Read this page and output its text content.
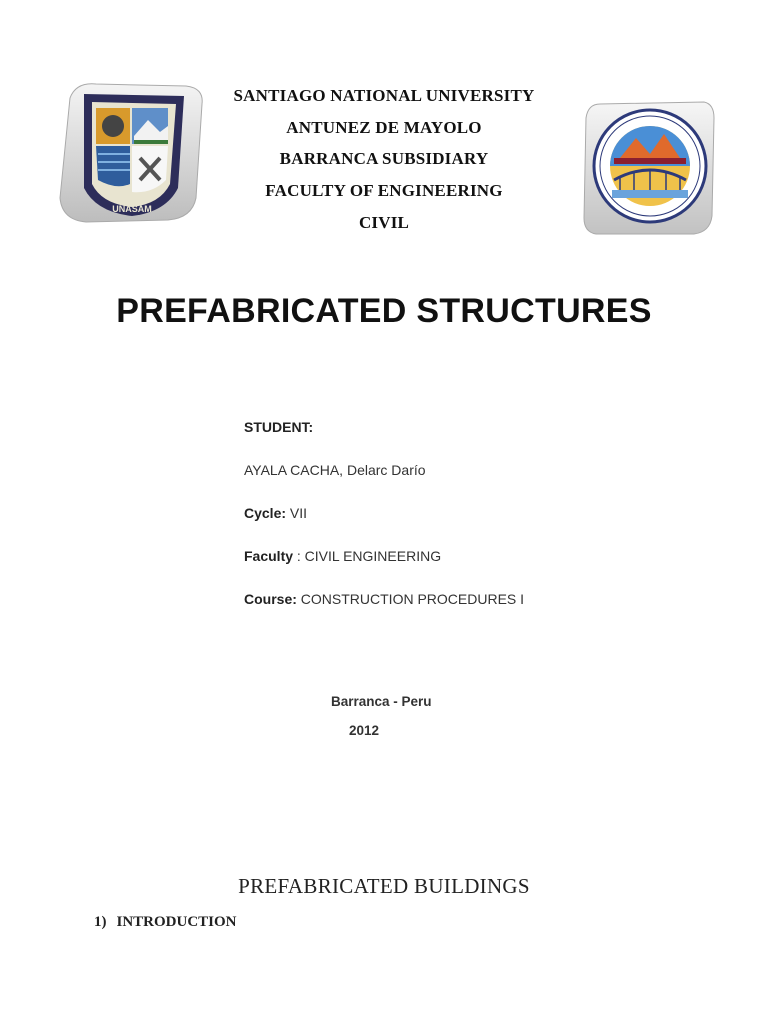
UNASAM
SANTIAGO NATIONAL UNIVERSITY
ANTUNEZ DE MAYOLO
BARRANCA SUBSIDIARY
FACULTY OF ENGINEERING
CIVIL
PREFABRICATED STRUCTURES
STUDENT:
AYALA CACHA, Delarc Darío
Cycle: VII
Faculty : CIVIL ENGINEERING
Course: CONSTRUCTION PROCEDURES I
Barranca - Peru
2012
PREFABRICATED BUILDINGS
1) INTRODUCTION
